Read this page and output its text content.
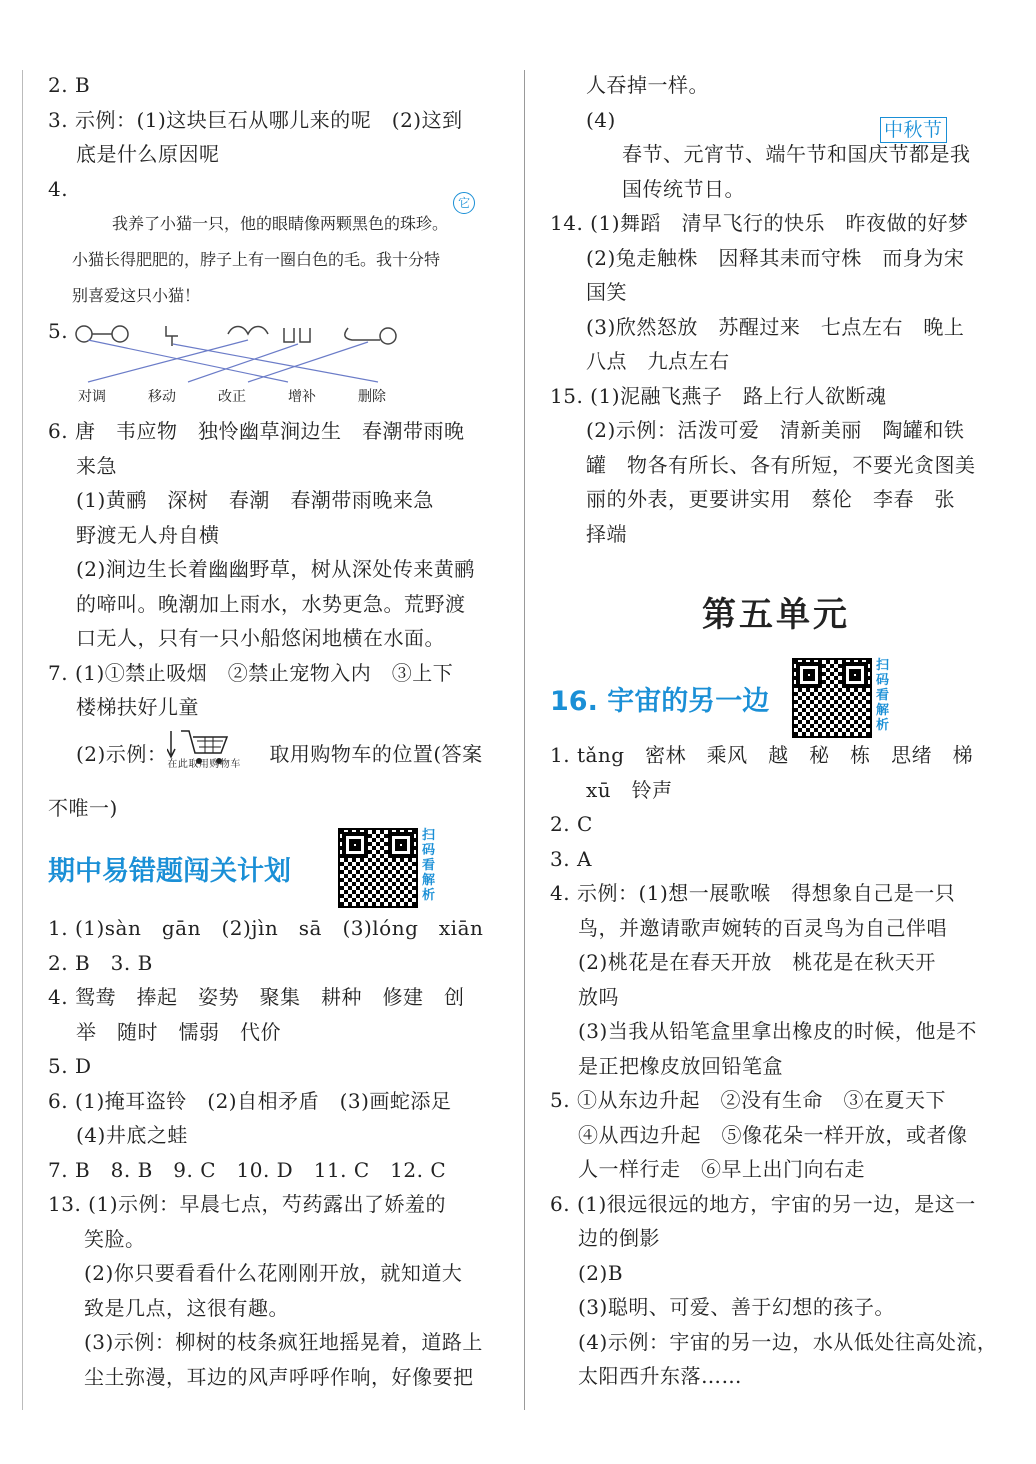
2. B
3. 示例：(1)这块巨石从哪儿来的呢　(2)这到
底是什么原因呢
4.
我养了小猫一只，他的眼睛像两颗黑色的珠珍。 它
小猫长得肥肥的，脖子上有一圈白色的毛。我十分特
别喜爱这只小猫！
5.
对调	移动	改正	增补	删除
6. 唐　韦应物　独怜幽草涧边生　春潮带雨晚
来急
(1)黄鹂　深树　春潮　春潮带雨晚来急
野渡无人舟自横
(2)涧边生长着幽幽野草，树从深处传来黄鹂
的啼叫。晚潮加上雨水，水势更急。荒野渡
口无人，只有一只小船悠闲地横在水面。
7. (1)①禁止吸烟　②禁止宠物入内　③上下
楼梯扶好儿童
(2)示例： 在此取用购物车 取用购物车的位置(答案
不唯一)
期中易错题闯关计划
扫码看解析
1. (1)sàn　gān　(2)jìn　sā　(3)lóng　xiān
2. B　3. B
4. 鸳鸯　捧起　姿势　聚集　耕种　修建　创
举　随时　懦弱　代价
5. D
6. (1)掩耳盗铃　(2)自相矛盾　(3)画蛇添足
(4)井底之蛙
7. B　8. B　9. C　10. D　11. C　12. C
13. (1)示例：早晨七点，芍药露出了娇羞的
笑脸。
(2)你只要看看什么花刚刚开放，就知道大
致是几点，这很有趣。
(3)示例：柳树的枝条疯狂地摇晃着，道路上
尘土弥漫，耳边的风声呼呼作响，好像要把
人吞掉一样。
(4)	中秋节
春节、元宵节、端午节和国庆节都是我
国传统节日。
14. (1)舞蹈　清早飞行的快乐　昨夜做的好梦
(2)兔走触株　因释其耒而守株　而身为宋
国笑
(3)欣然怒放　苏醒过来　七点左右　晚上
八点　九点左右
15. (1)泥融飞燕子　路上行人欲断魂
(2)示例：活泼可爱　清新美丽　陶罐和铁
罐　物各有所长、各有所短，不要光贪图美
丽的外表，更要讲实用　蔡伦　李春　张
择端
第五单元
16. 宇宙的另一边
扫码看解析
1. tǎng　密林　乘风　越　秘　栋　思绪　梯
xū　铃声
2. C
3. A
4. 示例：(1)想一展歌喉　得想象自己是一只
鸟，并邀请歌声婉转的百灵鸟为自己伴唱
(2)桃花是在春天开放　桃花是在秋天开
放吗
(3)当我从铅笔盒里拿出橡皮的时候，他是不
是正把橡皮放回铅笔盒
5. ①从东边升起　②没有生命　③在夏天下
④从西边升起　⑤像花朵一样开放，或者像
人一样行走　⑥早上出门向右走
6. (1)很远很远的地方，宇宙的另一边，是这一
边的倒影
(2)B
(3)聪明、可爱、善于幻想的孩子。
(4)示例：宇宙的另一边，水从低处往高处流，
太阳西升东落……
